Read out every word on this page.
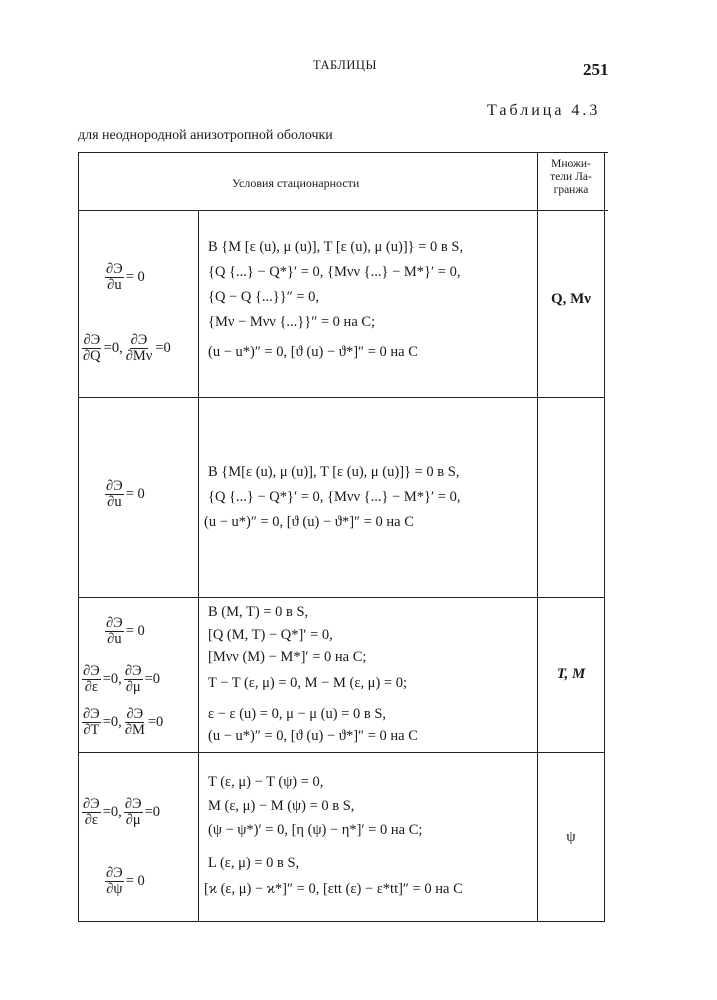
ТАБЛИЦЫ	251
Таблица 4.3
для неоднородной анизотропной оболочки
Условия стационарности
Множи-
тели Ла-
гранжа
∂Э
∂u = 0
∂Э
∂Q =0, ∂Э
∂Mν =0
B {M [ε (u), μ (u)], T [ε (u), μ (u)]} = 0 в S,
{Q {...} − Q*}′ = 0, {Mνν {...} − M*}′ = 0,
{Q − Q {...}}″ = 0,
{Mν − Mνν {...}}″ = 0 на C;
(u − u*)″ = 0, [ϑ (u) − ϑ*]″ = 0 на C
Q, Mν
∂Э
∂u = 0
B {M[ε (u), μ (u)], T [ε (u), μ (u)]} = 0 в S,
{Q {...} − Q*}′ = 0, {Mνν {...} − M*}′ = 0,
(u − u*)″ = 0, [ϑ (u) − ϑ*]″ = 0 на C
∂Э
∂u = 0
∂Э
∂ε =0, ∂Э
∂μ =0
∂Э
∂T =0, ∂Э
∂M =0
B (M, T) = 0 в S,
[Q (M, T) − Q*]′ = 0,
[Mνν (M) − M*]′ = 0 на C;
T − T (ε, μ) = 0, M − M (ε, μ) = 0;
ε − ε (u) = 0, μ − μ (u) = 0 в S,
(u − u*)″ = 0, [ϑ (u) − ϑ*]″ = 0 на C
T, M
∂Э
∂ε =0, ∂Э
∂μ =0
∂Э
∂ψ = 0
T (ε, μ) − T (ψ) = 0,
M (ε, μ) − M (ψ) = 0 в S,
(ψ − ψ*)′ = 0, [η (ψ) − η*]′ = 0 на C;
L (ε, μ) = 0 в S,
[ϰ (ε, μ) − ϰ*]″ = 0, [εtt (ε) − ε*tt]″ = 0 на C
ψ
